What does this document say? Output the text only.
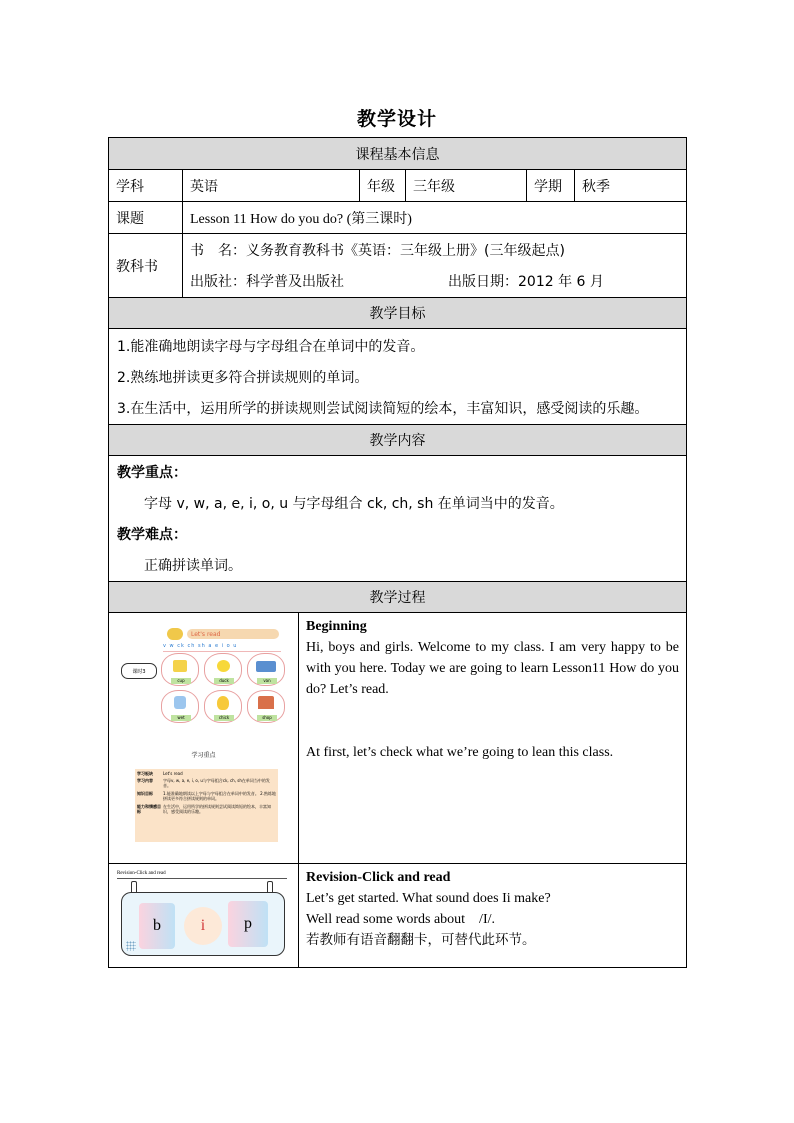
教学设计
课程基本信息
学科	英语	年级	三年级	学期	秋季
课题	Lesson 11 How do you do? (第三课时)
教科书
书　名：义务教育教科书《英语：三年级上册》(三年级起点)
出版社：科学普及出版社	出版日期：2012 年 6 月
教学目标
1.能准确地朗读字母与字母组合在单词中的发音。
2.熟练地拼读更多符合拼读规则的单词。
3.在生活中，运用所学的拼读规则尝试阅读简短的绘本，丰富知识，感受阅读的乐趣。
教学内容
教学重点：
字母 v, w, a, e, i, o, u 与字母组合 ck, ch, sh 在单词当中的发音。
教学难点：
正确拼读单词。
教学过程
Let's read
v w ck ch sh a e i o u
课时3
cup	duck	van
wet	chick	shop
学习重点
学习板块	Let's read
学习内容	字母v, w, a, e, i, o, u与字母组合ck, ch, sh在单词当中的发音。
知识目标	1.能准确地朗读以上字母与字母组合在单词中的发音。 2.熟练地拼读更多符合拼读规则的单词。
能力和情感目标
在生活中，运用所学的拼读规则尝试阅读简短的绘本，丰富知识，感受阅读的乐趣。

Beginning

Hi, boys and girls. Welcome to my class. I am very happy to be with you here. Today we are going to learn Lesson11 How do you do? Let’s read.

At first, let’s check what we’re going to lean this class.

Revision-Click and read
b	i	p

Revision-Click and read

Let’s get started. What sound does Ii make?

Well read some words about　/I/.

若教师有语音翻翻卡，可替代此环节。
